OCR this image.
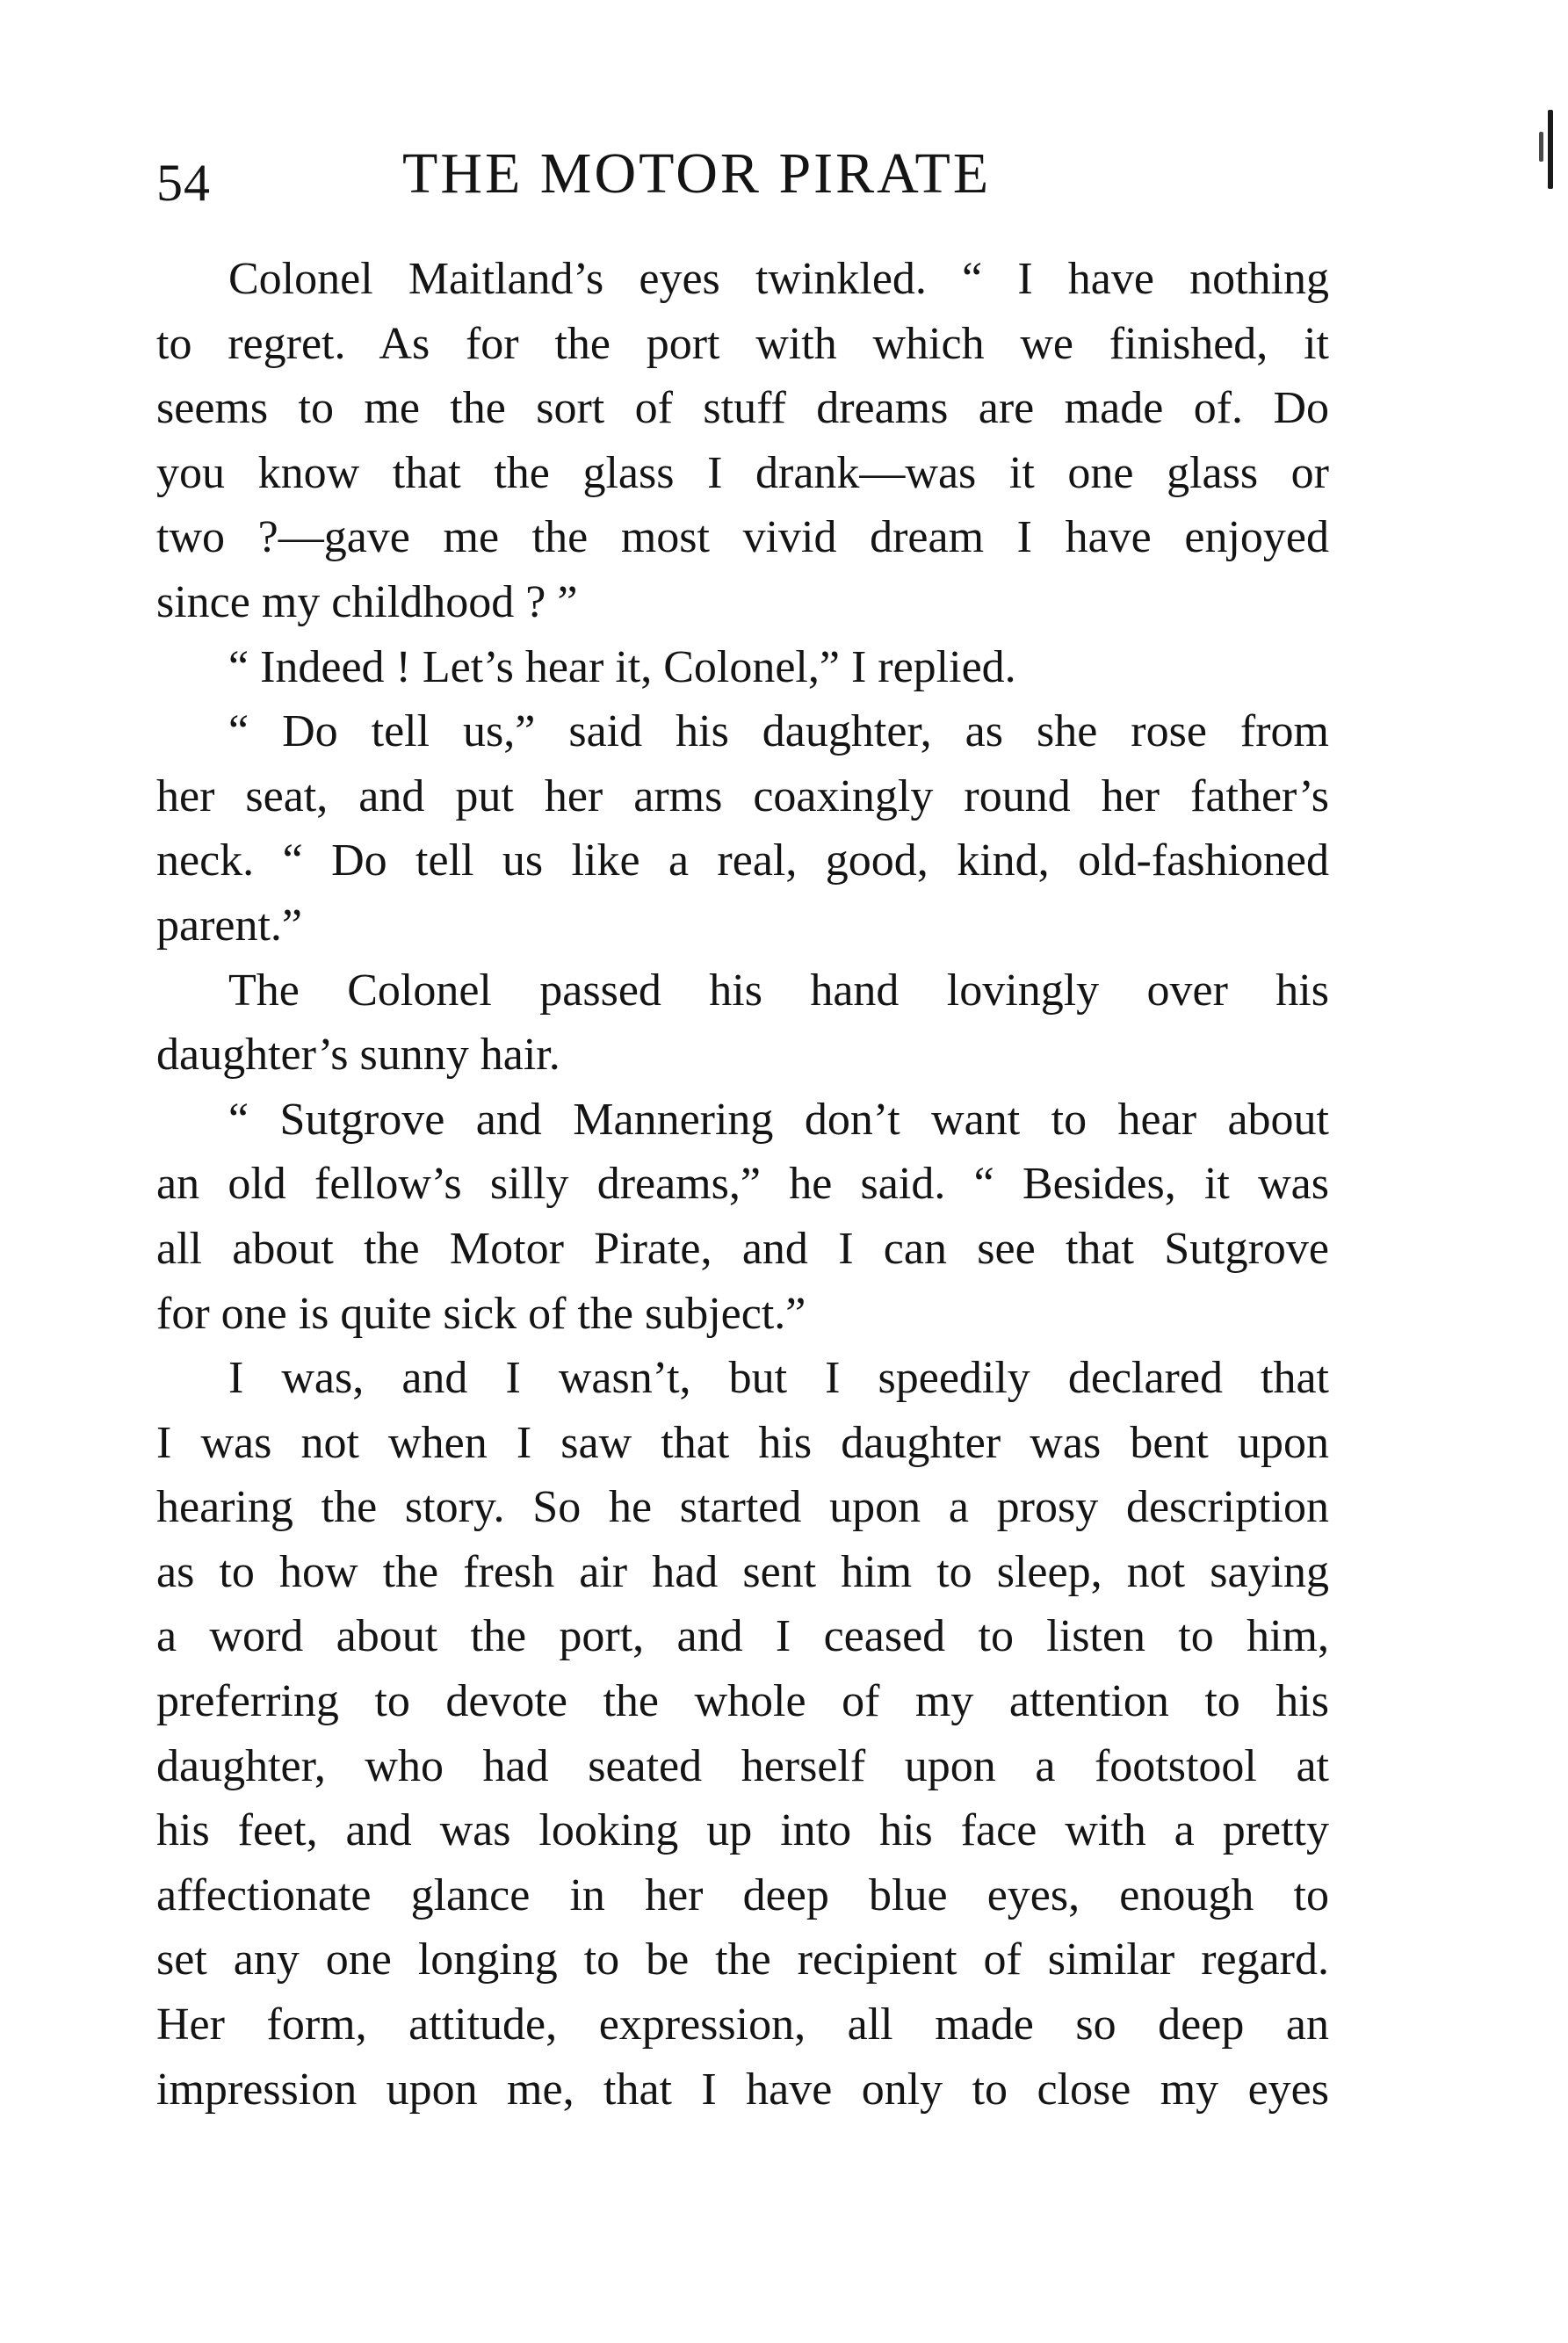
54	THE MOTOR PIRATE
Colonel Maitland’s eyes twinkled. “ I have nothing
to regret. As for the port with which we finished, it
seems to me the sort of stuff dreams are made of. Do
you know that the glass I drank—was it one glass or
two ?—gave me the most vivid dream I have enjoyed
since my childhood ? ”
“ Indeed ! Let’s hear it, Colonel,” I replied.
“ Do tell us,” said his daughter, as she rose from
her seat, and put her arms coaxingly round her father’s
neck. “ Do tell us like a real, good, kind, old-fashioned
parent.”
The Colonel passed his hand lovingly over his
daughter’s sunny hair.
“ Sutgrove and Mannering don’t want to hear about
an old fellow’s silly dreams,” he said. “ Besides, it was
all about the Motor Pirate, and I can see that Sutgrove
for one is quite sick of the subject.”
I was, and I wasn’t, but I speedily declared that
I was not when I saw that his daughter was bent upon
hearing the story. So he started upon a prosy description
as to how the fresh air had sent him to sleep, not saying
a word about the port, and I ceased to listen to him,
preferring to devote the whole of my attention to his
daughter, who had seated herself upon a footstool at
his feet, and was looking up into his face with a pretty
affectionate glance in her deep blue eyes, enough to
set any one longing to be the recipient of similar regard.
Her form, attitude, expression, all made so deep an
impression upon me, that I have only to close my eyes
